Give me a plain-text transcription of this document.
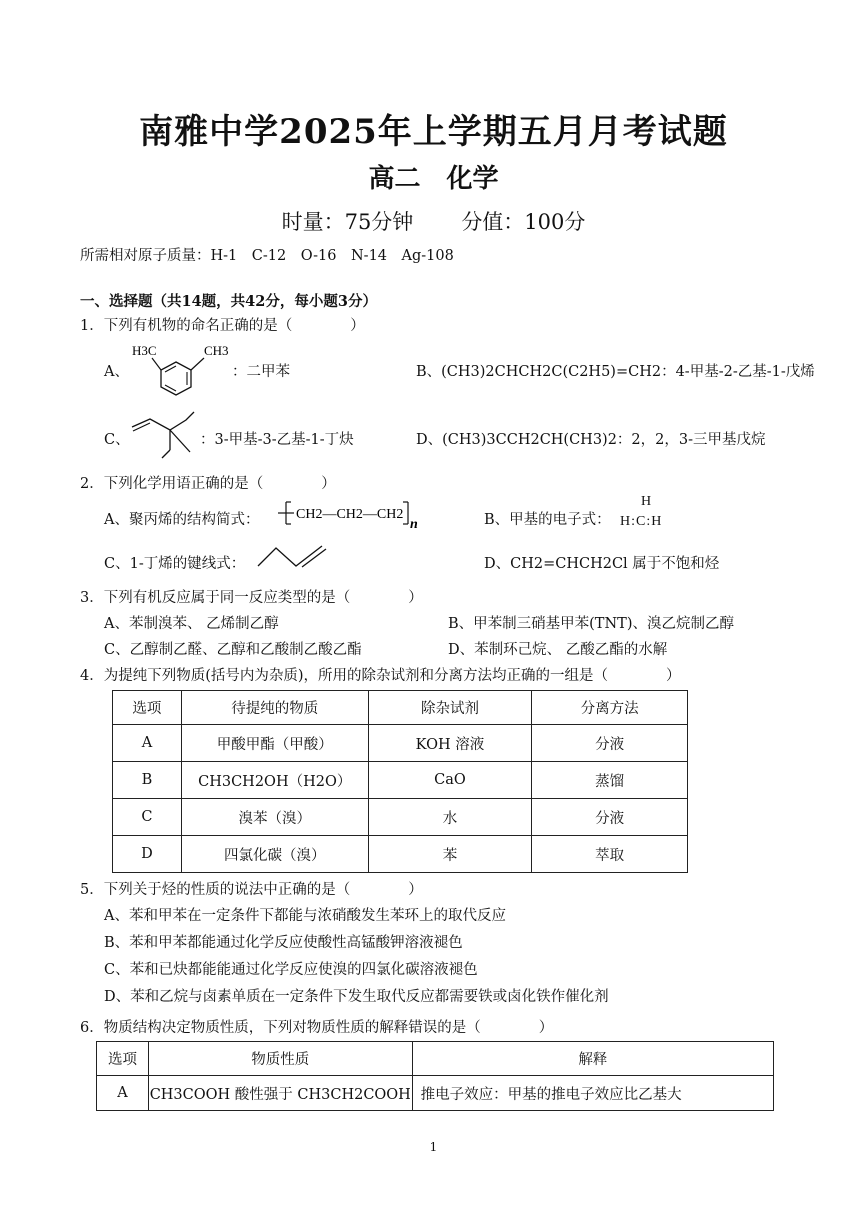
南雅中学2025年上学期五月月考试题
高二　化学
时量：75分钟 分值：100分
所需相对原子质量：H-1　C-12　O-16　N-14　Ag-108
一、选择题（共14题，共42分，每小题3分）
1．下列有机物的命名正确的是（　　　　）
A、
H3C	CH3
：二甲苯	B、(CH3)2CHCH2C(C2H5)=CH2：4-甲基-2-乙基-1-戊烯
C、	：3-甲基-3-乙基-1-丁炔	D、(CH3)3CCH2CH(CH3)2：2，2，3-三甲基戊烷
2．下列化学用语正确的是（　　　　）
A、聚丙烯的结构简式：	CH2—CH2—CH2
n	B、甲基的电子式：
H
H:C:H
C、1-丁烯的键线式：	D、CH2=CHCH2Cl 属于不饱和烃
3．下列有机反应属于同一反应类型的是（　　　　）
A、苯制溴苯、 乙烯制乙醇	B、甲苯制三硝基甲苯(TNT)、溴乙烷制乙醇
C、乙醇制乙醛、乙醇和乙酸制乙酸乙酯	D、苯制环己烷、 乙酸乙酯的水解
4．为提纯下列物质(括号内为杂质)，所用的除杂试剂和分离方法均正确的一组是（　　　　）
选项	待提纯的物质	除杂试剂	分离方法
A	甲酸甲酯（甲酸）	KOH 溶液	分液
B	CH3CH2OH（H2O）	CaO	蒸馏
C	溴苯（溴）	水	分液
D	四氯化碳（溴）	苯	萃取
5．下列关于烃的性质的说法中正确的是（　　　　）
A、苯和甲苯在一定条件下都能与浓硝酸发生苯环上的取代反应
B、苯和甲苯都能通过化学反应使酸性高锰酸钾溶液褪色
C、苯和已炔都能能通过化学反应使溴的四氯化碳溶液褪色
D、苯和乙烷与卤素单质在一定条件下发生取代反应都需要铁或卤化铁作催化剂
6．物质结构决定物质性质，下列对物质性质的解释错误的是（　　　　）
选项	物质性质	解释
A	CH3COOH 酸性强于 CH3CH2COOH	推电子效应：甲基的推电子效应比乙基大
1
